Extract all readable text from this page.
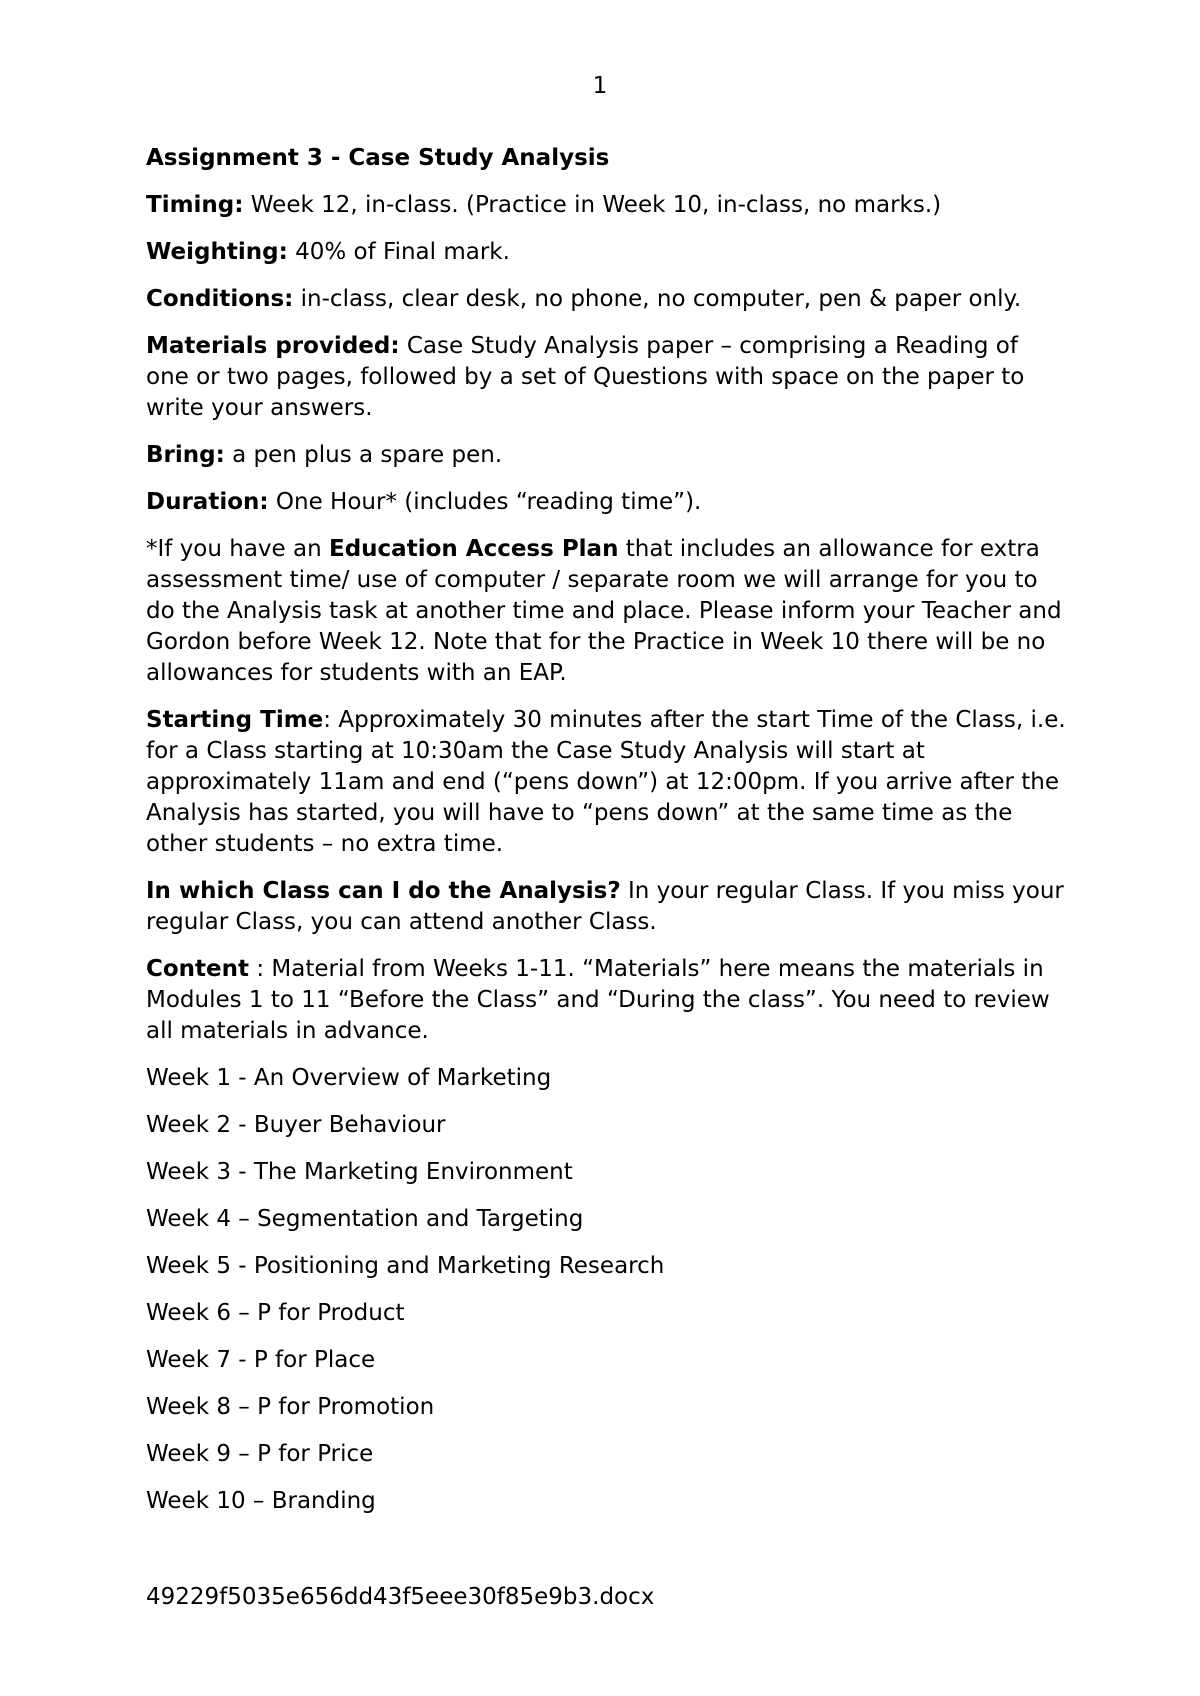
1

Assignment 3 - Case Study Analysis

Timing: Week 12, in-class. (Practice in Week 10, in-class, no marks.)

Weighting: 40% of Final mark.

Conditions: in-class, clear desk, no phone, no computer, pen & paper only.

Materials provided: Case Study Analysis paper – comprising a Reading of one or two pages, followed by a set of Questions with space on the paper to write your answers.

Bring: a pen plus a spare pen.

Duration: One Hour* (includes “reading time”).

*If you have an Education Access Plan that includes an allowance for extra assessment time/ use of computer / separate room we will arrange for you to do the Analysis task at another time and place. Please inform your Teacher and Gordon before Week 12. Note that for the Practice in Week 10 there will be no allowances for students with an EAP.

Starting Time: Approximately 30 minutes after the start Time of the Class, i.e. for a Class starting at 10:30am the Case Study Analysis will start at approximately 11am and end (“pens down”) at 12:00pm. If you arrive after the Analysis has started, you will have to “pens down” at the same time as the other students – no extra time.

In which Class can I do the Analysis? In your regular Class. If you miss your regular Class, you can attend another Class.

Content : Material from Weeks 1-11. “Materials” here means the materials in Modules 1 to 11 “Before the Class” and “During the class”. You need to review all materials in advance.

Week 1 - An Overview of Marketing

Week 2 - Buyer Behaviour

Week 3 - The Marketing Environment

Week 4 – Segmentation and Targeting

Week 5 - Positioning and Marketing Research

Week 6 – P for Product

Week 7 - P for Place

Week 8 – P for Promotion

Week 9 – P for Price

Week 10 – Branding

49229f5035e656dd43f5eee30f85e9b3.docx
